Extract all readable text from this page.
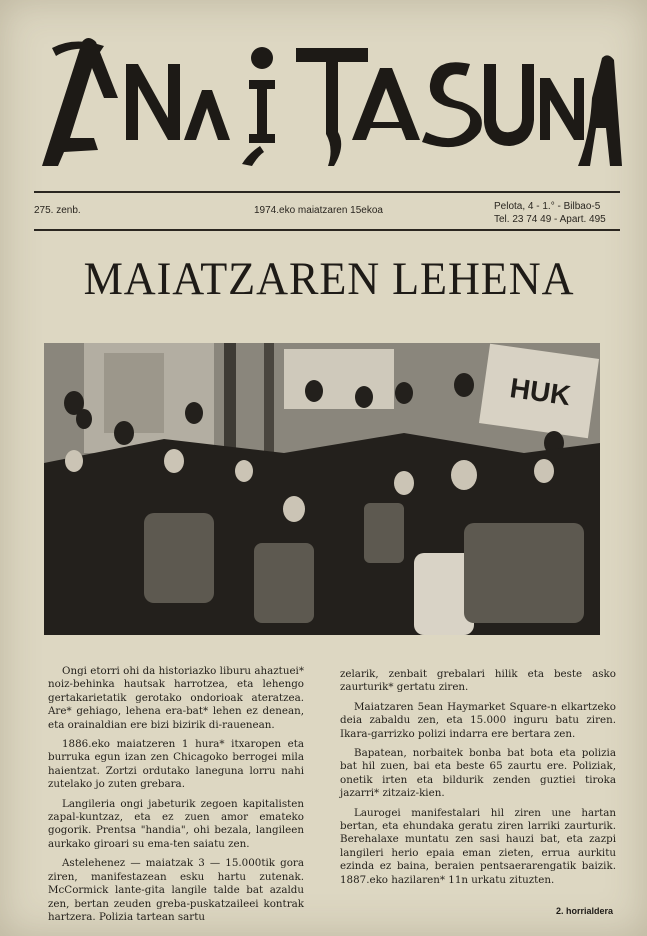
ANAITASUNA
275. zenb.	1974.eko maiatzaren 15ekoa	Pelota, 4 - 1.° - Bilbao-5
Tel. 23 74 49 - Apart. 495
MAIATZAREN LEHENA
HUK

Ongi etorri ohi da historiazko liburu ahaztuei* noiz-behinka hautsak harrotzea, eta lehengo gertakarietatik gerotako ondorioak ateratzea. Are* gehiago, lehena era-bat* lehen ez denean, eta orainaldian ere bizi bizirik di-rauenean.

1886.eko maiatzeren 1 hura* itxaropen eta burruka egun izan zen Chicagoko berrogei mila haientzat. Zortzi ordutako lanegunа lorru nahi zutelako jo zuten grebara.

Langileria ongi jabeturik zegoen kapitalisten zapal-kuntzaz, eta ez zuen amor emateko gogorik. Prentsa "handia", ohi bezala, langileen aurkako giroari su ema-ten saiatu zen.

Astelehenez — maiatzak 3 — 15.000tik gora ziren, manifestazean esku hartu zutenak. McCormick lante-gita langile talde bat azaldu zen, bertan zeuden greba-puskatzaileei kontrak hartzera. Polizia tartean sartu

zelarik, zenbait grebalari hilik eta beste asko zaurturik* gertatu ziren.

Maiatzaren 5ean Haymarket Square-n elkartzeko deia zabaldu zen, eta 15.000 inguru batu ziren. Ikara-garrizko polizi indarra ere bertara zen.

Bapatean, norbaitek bonba bat bota eta polizia bat hil zuen, bai eta beste 65 zaurtu ere. Poliziak, onetik irten eta bildurik zenden guztiei tiroka jazarri* zitzaiz-kien.

Laurogei manifestalari hil ziren une hartan bertan, eta ehundaka geratu ziren larriki zaurturik. Berehalaxe muntatu zen sasi hauzi bat, eta zazpi langileri herio epaia eman zieten, errua aurkitu ezinda ez baina, beraien pentsaerarengatik baizik. 1887.eko hazilaren* 11n urkatu zituzten.

2. horrialdera
